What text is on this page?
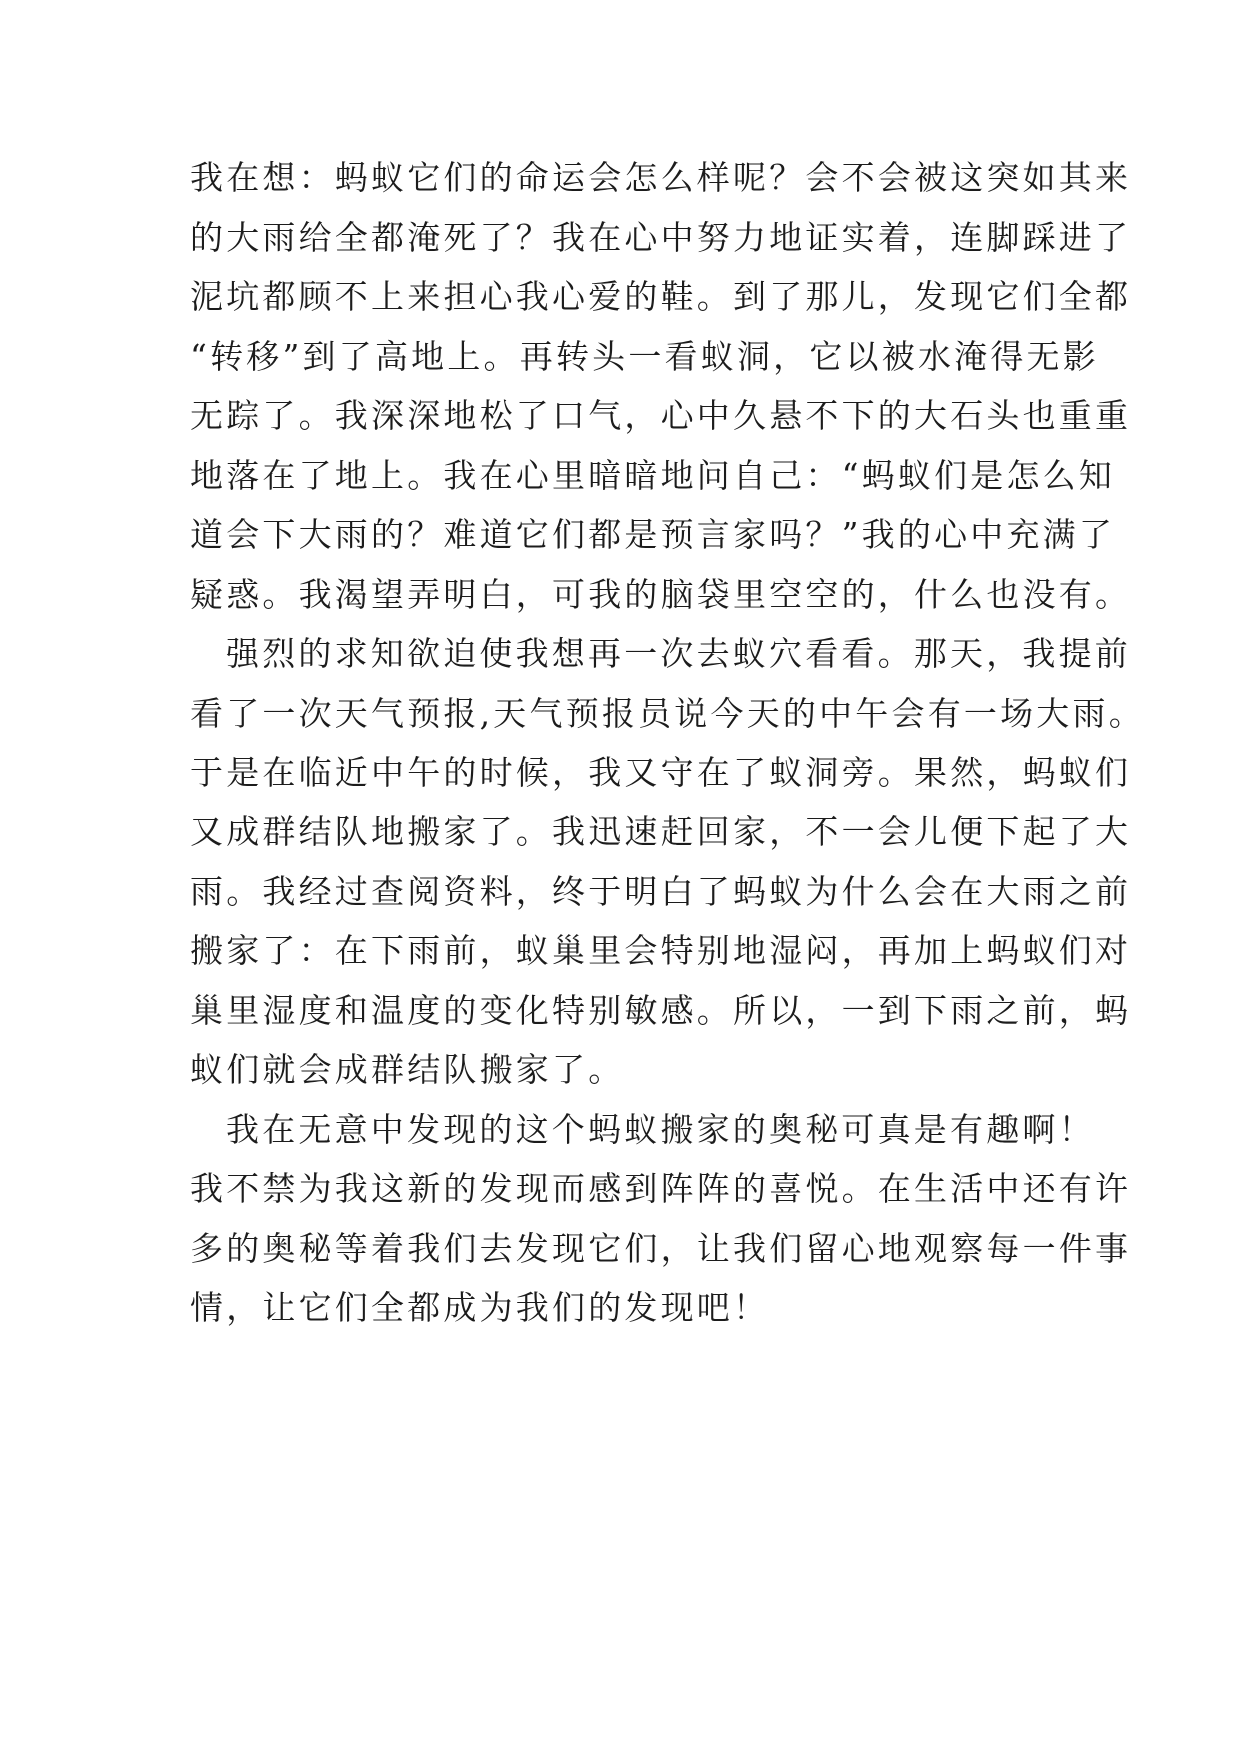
我在想：蚂蚁它们的命运会怎么样呢？会不会被这突如其来
的大雨给全都淹死了？我在心中努力地证实着，连脚踩进了
泥坑都顾不上来担心我心爱的鞋。到了那儿，发现它们全都
“转移”到了高地上。再转头一看蚁洞，它以被水淹得无影
无踪了。我深深地松了口气，心中久悬不下的大石头也重重
地落在了地上。我在心里暗暗地问自己：“蚂蚁们是怎么知
道会下大雨的？难道它们都是预言家吗？”我的心中充满了
疑惑。我渴望弄明白，可我的脑袋里空空的，什么也没有。
强烈的求知欲迫使我想再一次去蚁穴看看。那天，我提前
看了一次天气预报,天气预报员说今天的中午会有一场大雨。
于是在临近中午的时候，我又守在了蚁洞旁。果然，蚂蚁们
又成群结队地搬家了。我迅速赶回家，不一会儿便下起了大
雨。我经过查阅资料，终于明白了蚂蚁为什么会在大雨之前
搬家了：在下雨前，蚁巢里会特别地湿闷，再加上蚂蚁们对
巢里湿度和温度的变化特别敏感。所以，一到下雨之前，蚂
蚁们就会成群结队搬家了。
我在无意中发现的这个蚂蚁搬家的奥秘可真是有趣啊！
我不禁为我这新的发现而感到阵阵的喜悦。在生活中还有许
多的奥秘等着我们去发现它们，让我们留心地观察每一件事
情，让它们全都成为我们的发现吧！
